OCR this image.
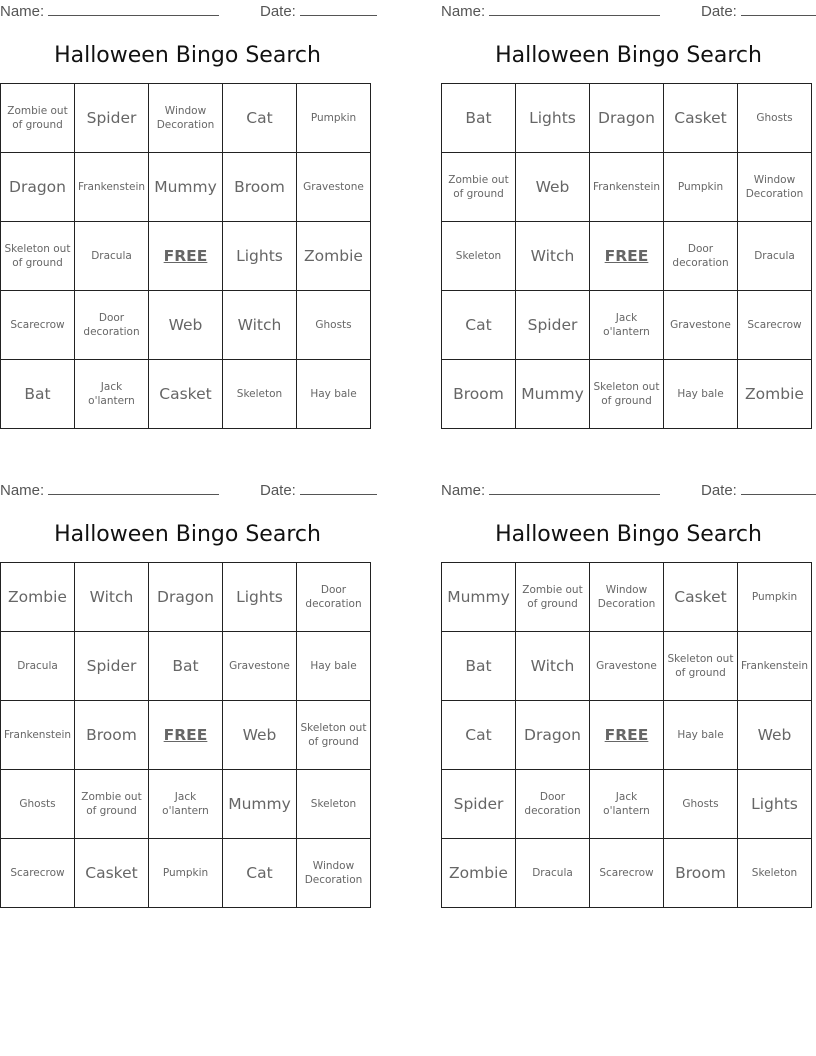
Name:	Date:
Halloween Bingo Search
Zombie out of ground	Spider	Window Decoration	Cat	Pumpkin
Dragon	Frankenstein	Mummy	Broom	Gravestone
Skeleton out of ground	Dracula	FREE	Lights	Zombie
Scarecrow	Door decoration	Web	Witch	Ghosts
Bat	Jack o'lantern	Casket	Skeleton	Hay bale
Name:	Date:
Halloween Bingo Search
Bat	Lights	Dragon	Casket	Ghosts
Zombie out of ground	Web	Frankenstein	Pumpkin	Window Decoration
Skeleton	Witch	FREE	Door decoration	Dracula
Cat	Spider	Jack o'lantern	Gravestone	Scarecrow
Broom	Mummy	Skeleton out of ground	Hay bale	Zombie
Name:	Date:
Halloween Bingo Search
Zombie	Witch	Dragon	Lights	Door decoration
Dracula	Spider	Bat	Gravestone	Hay bale
Frankenstein	Broom	FREE	Web	Skeleton out of ground
Ghosts	Zombie out of ground	Jack o'lantern	Mummy	Skeleton
Scarecrow	Casket	Pumpkin	Cat	Window Decoration
Name:	Date:
Halloween Bingo Search
Mummy	Zombie out of ground	Window Decoration	Casket	Pumpkin
Bat	Witch	Gravestone	Skeleton out of ground	Frankenstein
Cat	Dragon	FREE	Hay bale	Web
Spider	Door decoration	Jack o'lantern	Ghosts	Lights
Zombie	Dracula	Scarecrow	Broom	Skeleton
